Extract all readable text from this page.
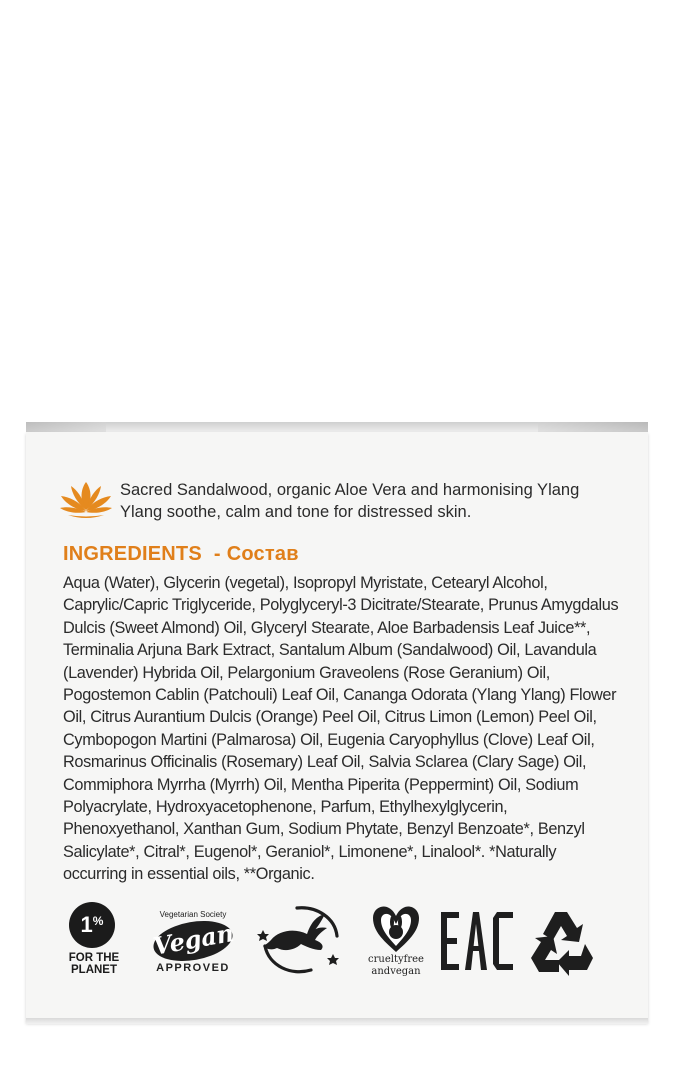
Sacred Sandalwood, organic Aloe Vera and harmonising Ylang Ylang soothe, calm and tone for distressed skin.
INGREDIENTS - Состав
Aqua (Water), Glycerin (vegetal), Isopropyl Myristate, Cetearyl Alcohol, Caprylic/Capric Triglyceride, Polyglyceryl-3 Dicitrate/Stearate, Prunus Amygdalus Dulcis (Sweet Almond) Oil, Glyceryl Stearate, Aloe Barbadensis Leaf Juice**, Terminalia Arjuna Bark Extract, Santalum Album (Sandalwood) Oil, Lavandula (Lavender) Hybrida Oil, Pelargonium Graveolens (Rose Geranium) Oil, Pogostemon Cablin (Patchouli) Leaf Oil, Cananga Odorata (Ylang Ylang) Flower Oil, Citrus Aurantium Dulcis (Orange) Peel Oil, Citrus Limon (Lemon) Peel Oil, Cymbopogon Martini (Palmarosa) Oil, Eugenia Caryophyllus (Clove) Leaf Oil, Rosmarinus Officinalis (Rosemary) Leaf Oil, Salvia Sclarea (Clary Sage) Oil, Commiphora Myrrha (Myrrh) Oil, Mentha Piperita (Peppermint) Oil, Sodium Polyacrylate, Hydroxyacetophenone, Parfum, Ethylhexylglycerin, Phenoxyethanol, Xanthan Gum, Sodium Phytate, Benzyl Benzoate*, Benzyl Salicylate*, Citral*, Eugenol*, Geraniol*, Limonene*, Linalool*. *Naturally occurring in essential oils, **Organic.
1%
FOR THE
PLANET
Vegetarian Society
Vegan
APPROVED
crueltyfree
andvegan
